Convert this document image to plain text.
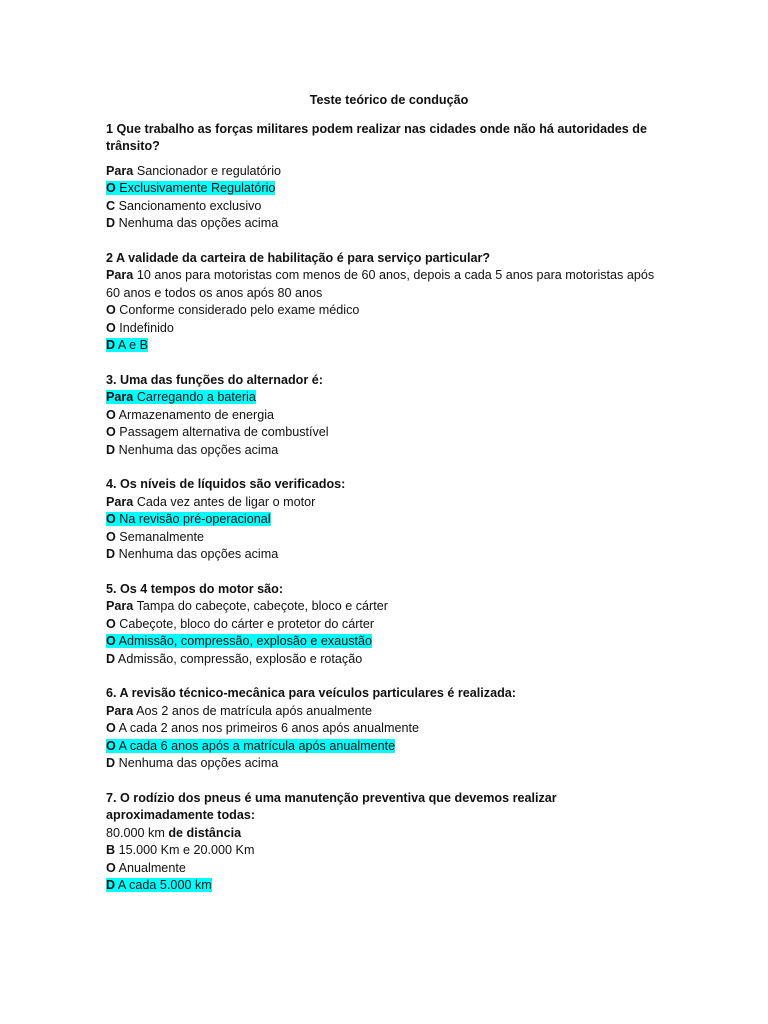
Teste teórico de condução
1 Que trabalho as forças militares podem realizar nas cidades onde não há autoridades de trânsito?
Para Sancionador e regulatório
O Exclusivamente Regulatório
C Sancionamento exclusivo
D Nenhuma das opções acima
2 A validade da carteira de habilitação é para serviço particular?
Para 10 anos para motoristas com menos de 60 anos, depois a cada 5 anos para motoristas após 60 anos e todos os anos após 80 anos
O Conforme considerado pelo exame médico
O Indefinido
D A e B
3. Uma das funções do alternador é:
Para Carregando a bateria
O Armazenamento de energia
O Passagem alternativa de combustível
D Nenhuma das opções acima
4. Os níveis de líquidos são verificados:
Para Cada vez antes de ligar o motor
O Na revisão pré-operacional
O Semanalmente
D Nenhuma das opções acima
5. Os 4 tempos do motor são:
Para Tampa do cabeçote, cabeçote, bloco e cárter
O Cabeçote, bloco do cárter e protetor do cárter
O Admissão, compressão, explosão e exaustão
D Admissão, compressão, explosão e rotação
6. A revisão técnico-mecânica para veículos particulares é realizada:
Para Aos 2 anos de matrícula após anualmente
O A cada 2 anos nos primeiros 6 anos após anualmente
O A cada 6 anos após a matrícula após anualmente
D Nenhuma das opções acima
7. O rodízio dos pneus é uma manutenção preventiva que devemos realizar aproximadamente todas:
80.000 km de distância
B 15.000 Km e 20.000 Km
O Anualmente
D A cada 5.000 km
